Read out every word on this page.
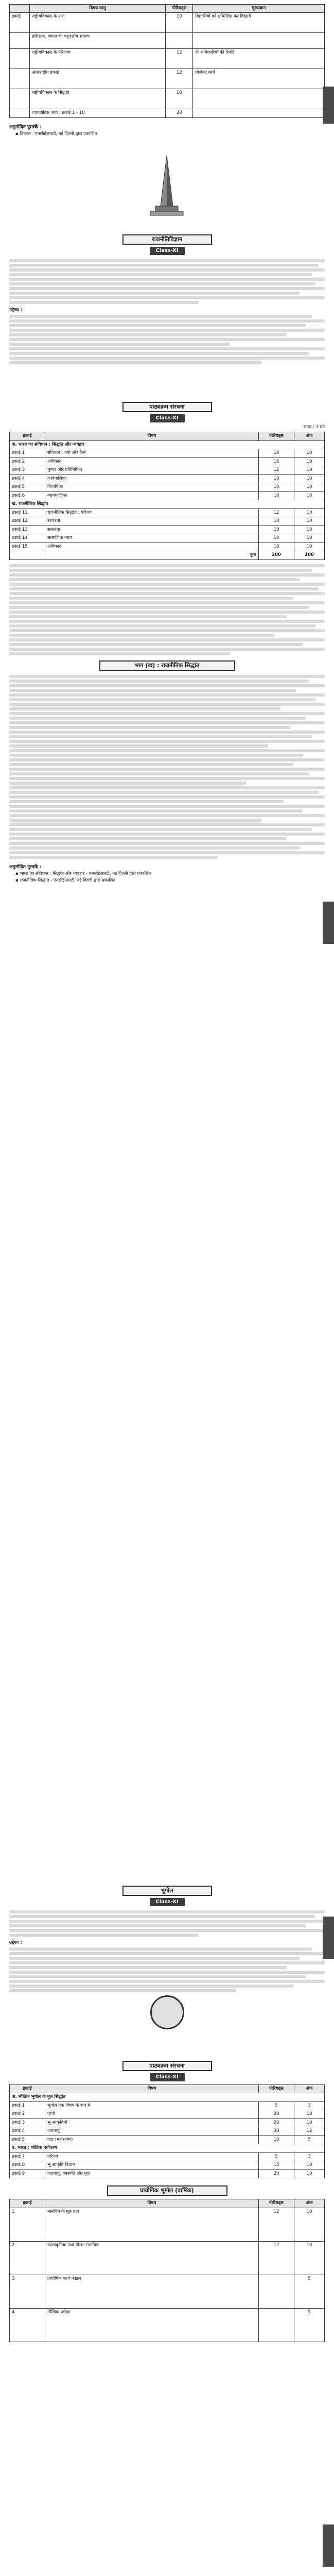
	विषय वस्तु	पीरियड्स	मूल्यांकन
इकाई	राष्ट्रीयविकास के अंश	10	विद्यार्थियों को सम्मिलित कर दिखायें
	प्रशिक्षण, गणना का बहुपक्षीय स्वरूप		
	राष्ट्रीयविकास के परिणाम	12	दो अधिकारियों की रिपोर्ट
	अंतरराष्ट्रीय इकाई	12	प्रोजेक्ट कार्य
	राष्ट्रीयविकास के सिद्धांत	10	
	व्यावहारिक कार्य : इकाई 1 - 10	20	
अनुमोदित पुस्तकें :
▪ विकास : एनसीईआरटी, नई दिल्ली द्वारा प्रकाशित
राजनीतिविज्ञान
Class-XI
उद्देश्य :
पाठ्यक्रम संरचना
Class-XI
समय : 3 घंटे
इकाई	विषय	पीरियड्स	अंक
क. भारत का संविधान : सिद्धांत और व्यवहार			
इकाई 1	संविधान : क्यों और कैसे	16	10
इकाई 2	अधिकार	16	10
इकाई 3	चुनाव और प्रतिनिधित्व	12	10
इकाई 4	कार्यपालिका	10	10
इकाई 5	विधायिका	10	10
इकाई 6	न्यायपालिका	10	10
ख. राजनीतिक सिद्धांत			
इकाई 11	राजनीतिक सिद्धांत : परिचय	12	10
इकाई 12	स्वतंत्रता	10	10
इकाई 13	समानता	10	10
इकाई 14	सामाजिक न्याय	10	10
इकाई 15	अधिकार	10	10
	कुल	200	100
भाग (ख) : राजनीतिक सिद्धांत
अनुमोदित पुस्तकें :
▪ भारत का संविधान : सिद्धांत और व्यवहार - एनसीईआरटी, नई दिल्ली द्वारा प्रकाशित
▪ राजनीतिक सिद्धांत - एनसीईआरटी, नई दिल्ली द्वारा प्रकाशित
भूगोल
Class-XI
उद्देश्य :
पाठ्यक्रम संरचना
Class-XI
इकाई	विषय	पीरियड्स	अंक
अ. भौतिक भूगोल के मूल सिद्धांत			
इकाई 1	भूगोल एक विषय के रूप में	5	3
इकाई 2	पृथ्वी	20	10
इकाई 3	भू-आकृतियाँ	20	10
इकाई 4	जलवायु	30	12
इकाई 5	जल (महासागर)	10	5
ब. भारत : भौतिक पर्यावरण			
इकाई 7	परिचय	5	3
इकाई 8	भू-आकृति विज्ञान	15	10
इकाई 9	जलवायु, वनस्पति और मृदा	20	10
प्रायोगिक भूगोल (वार्षिक)
इकाई	विषय	पीरियड्स	अंक
1	मानचित्र के मूल तत्व	12	10
2	स्थलाकृतिक तथा मौसम मानचित्र	12	10
3	प्रायोगिक कार्य फाइल		5
4	मौखिक परीक्षा		5
